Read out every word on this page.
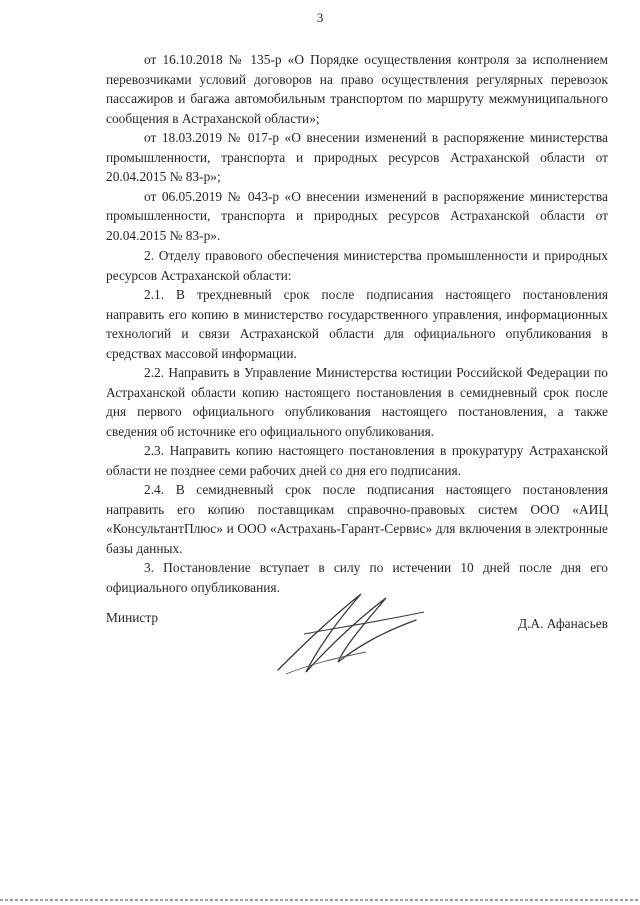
3

от 16.10.2018 № 135-р «О Порядке осуществления контроля за исполнением перевозчиками условий договоров на право осуществления регулярных перевозок пассажиров и багажа автомобильным транспортом по маршруту межмуниципального сообщения в Астраханской области»;

от 18.03.2019 № 017-р «О внесении изменений в распоряжение министерства промышленности, транспорта и природных ресурсов Астраханской области от 20.04.2015 № 83-р»;

от 06.05.2019 № 043-р «О внесении изменений в распоряжение министерства промышленности, транспорта и природных ресурсов Астраханской области от 20.04.2015 № 83-р».

2. Отделу правового обеспечения министерства промышленности и природных ресурсов Астраханской области:

2.1. В трехдневный срок после подписания настоящего постановления направить его копию в министерство государственного управления, информационных технологий и связи Астраханской области для официального опубликования в средствах массовой информации.

2.2. Направить в Управление Министерства юстиции Российской Федерации по Астраханской области копию настоящего постановления в семидневный срок после дня первого официального опубликования настоящего постановления, а также сведения об источнике его официального опубликования.

2.3. Направить копию настоящего постановления в прокуратуру Астраханской области не позднее семи рабочих дней со дня его подписания.

2.4. В семидневный срок после подписания настоящего постановления направить его копию поставщикам справочно-правовых систем ООО «АИЦ «КонсультантПлюс» и ООО «Астрахань-Гарант-Сервис» для включения в электронные базы данных.

3. Постановление вступает в силу по истечении 10 дней после дня его официального опубликования.

Министр	Д.А. Афанасьев
